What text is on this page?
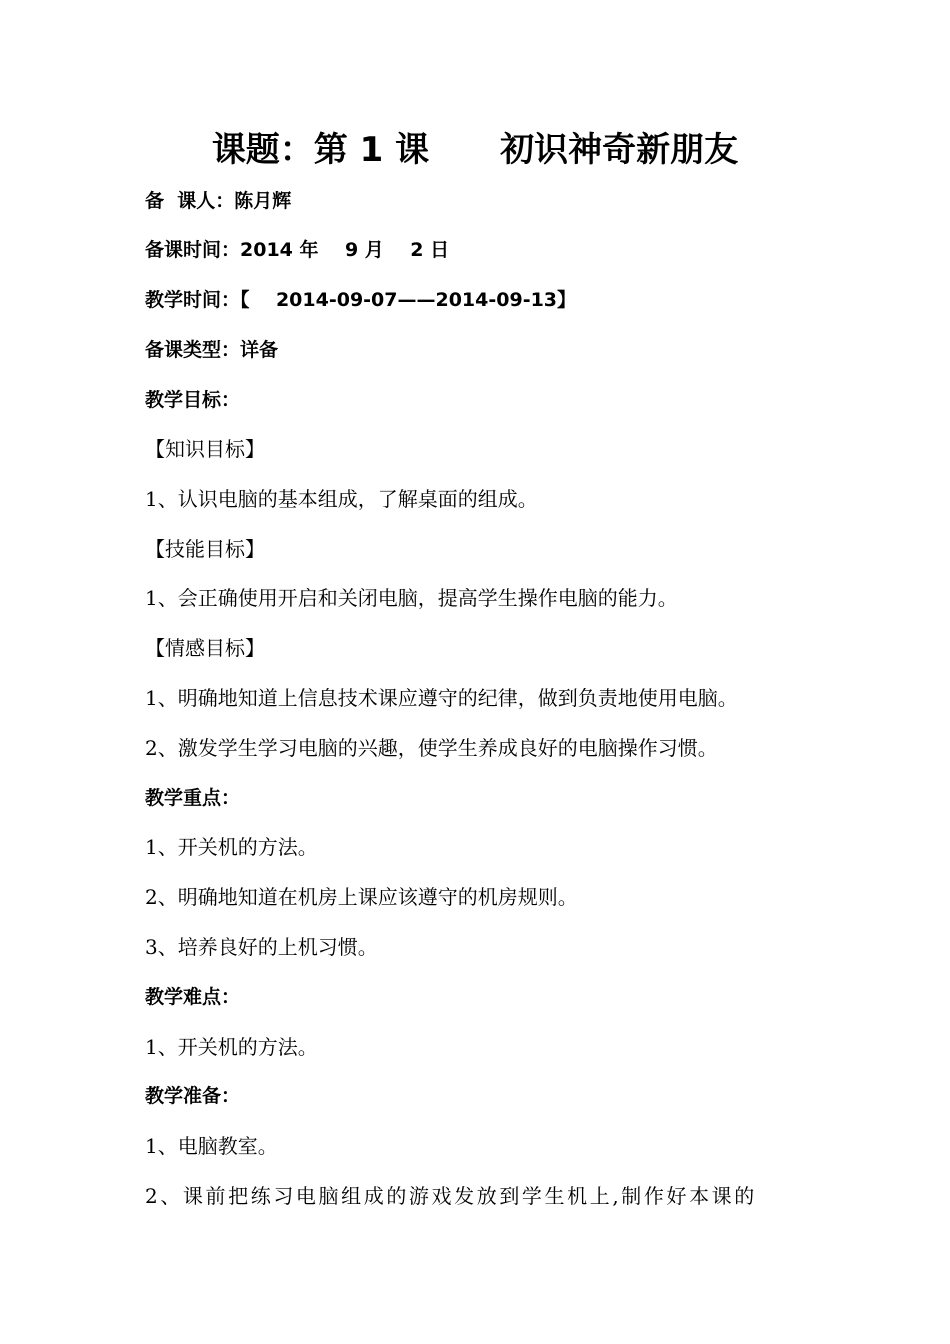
课题：第 1 课      初识神奇新朋友
备  课人：陈月辉
备课时间：2014 年    9 月    2 日
教学时间：【    2014-09-07——2014-09-13】
备课类型：详备
教学目标：
【知识目标】
1、认识电脑的基本组成，了解桌面的组成。
【技能目标】
1、会正确使用开启和关闭电脑，提高学生操作电脑的能力。
【情感目标】
1、明确地知道上信息技术课应遵守的纪律，做到负责地使用电脑。
2、激发学生学习电脑的兴趣，使学生养成良好的电脑操作习惯。
教学重点：
1、开关机的方法。
2、明确地知道在机房上课应该遵守的机房规则。
3、培养良好的上机习惯。
教学难点：
1、开关机的方法。
教学准备：
1、电脑教室。
2、课前把练习电脑组成的游戏发放到学生机上,制作好本课的
